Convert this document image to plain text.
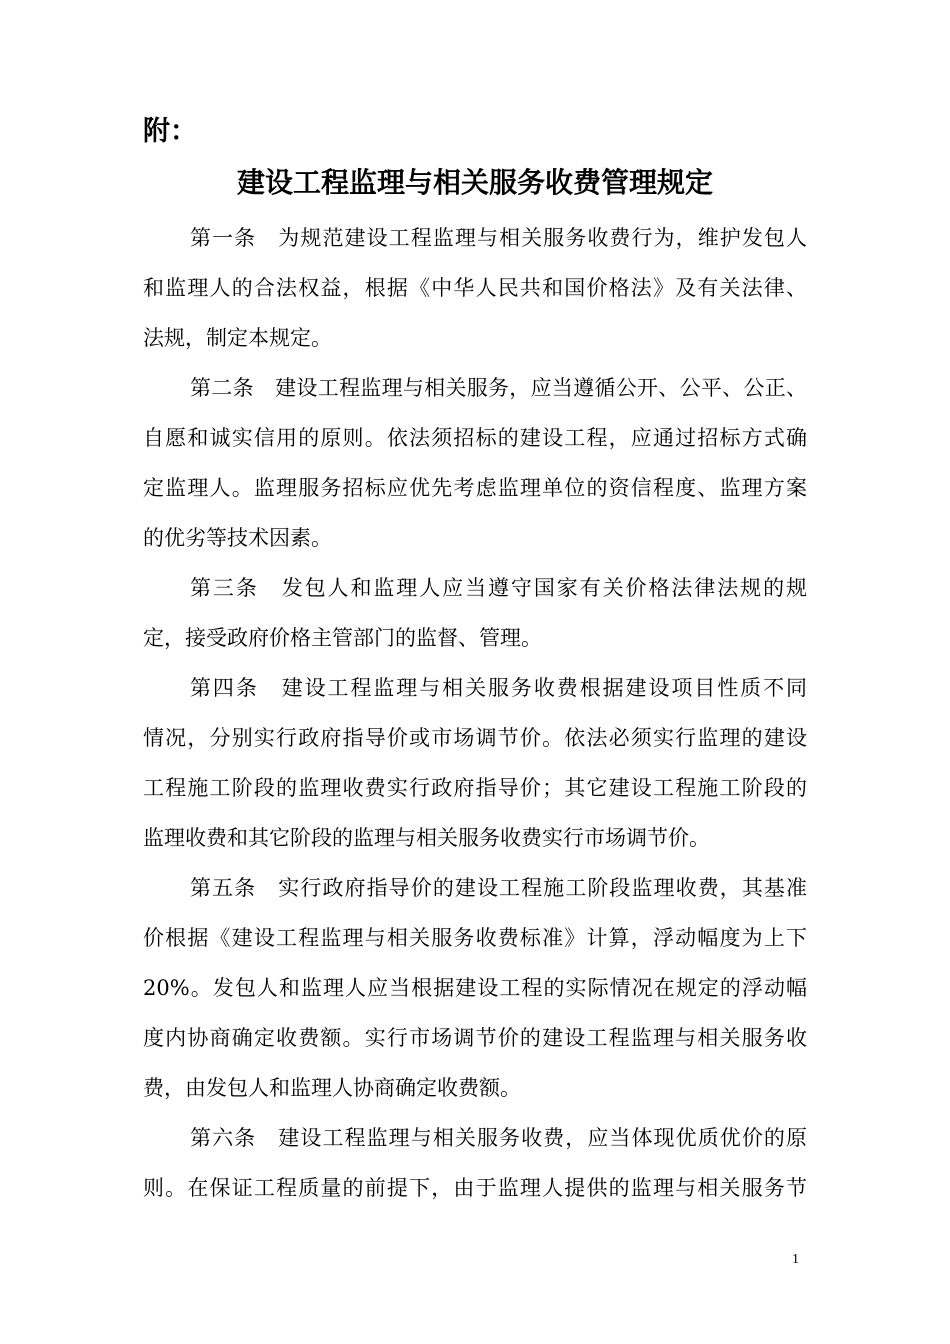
附：
建设工程监理与相关服务收费管理规定
第一条　为规范建设工程监理与相关服务收费行为，维护发包人
和监理人的合法权益，根据《中华人民共和国价格法》及有关法律、
法规，制定本规定。
第二条　建设工程监理与相关服务，应当遵循公开、公平、公正、
自愿和诚实信用的原则。依法须招标的建设工程，应通过招标方式确
定监理人。监理服务招标应优先考虑监理单位的资信程度、监理方案
的优劣等技术因素。
第三条　发包人和监理人应当遵守国家有关价格法律法规的规
定，接受政府价格主管部门的监督、管理。
第四条　建设工程监理与相关服务收费根据建设项目性质不同
情况，分别实行政府指导价或市场调节价。依法必须实行监理的建设
工程施工阶段的监理收费实行政府指导价；其它建设工程施工阶段的
监理收费和其它阶段的监理与相关服务收费实行市场调节价。
第五条　实行政府指导价的建设工程施工阶段监理收费，其基准
价根据《建设工程监理与相关服务收费标准》计算，浮动幅度为上下
20%。发包人和监理人应当根据建设工程的实际情况在规定的浮动幅
度内协商确定收费额。实行市场调节价的建设工程监理与相关服务收
费，由发包人和监理人协商确定收费额。
第六条　建设工程监理与相关服务收费，应当体现优质优价的原
则。在保证工程质量的前提下，由于监理人提供的监理与相关服务节
1
